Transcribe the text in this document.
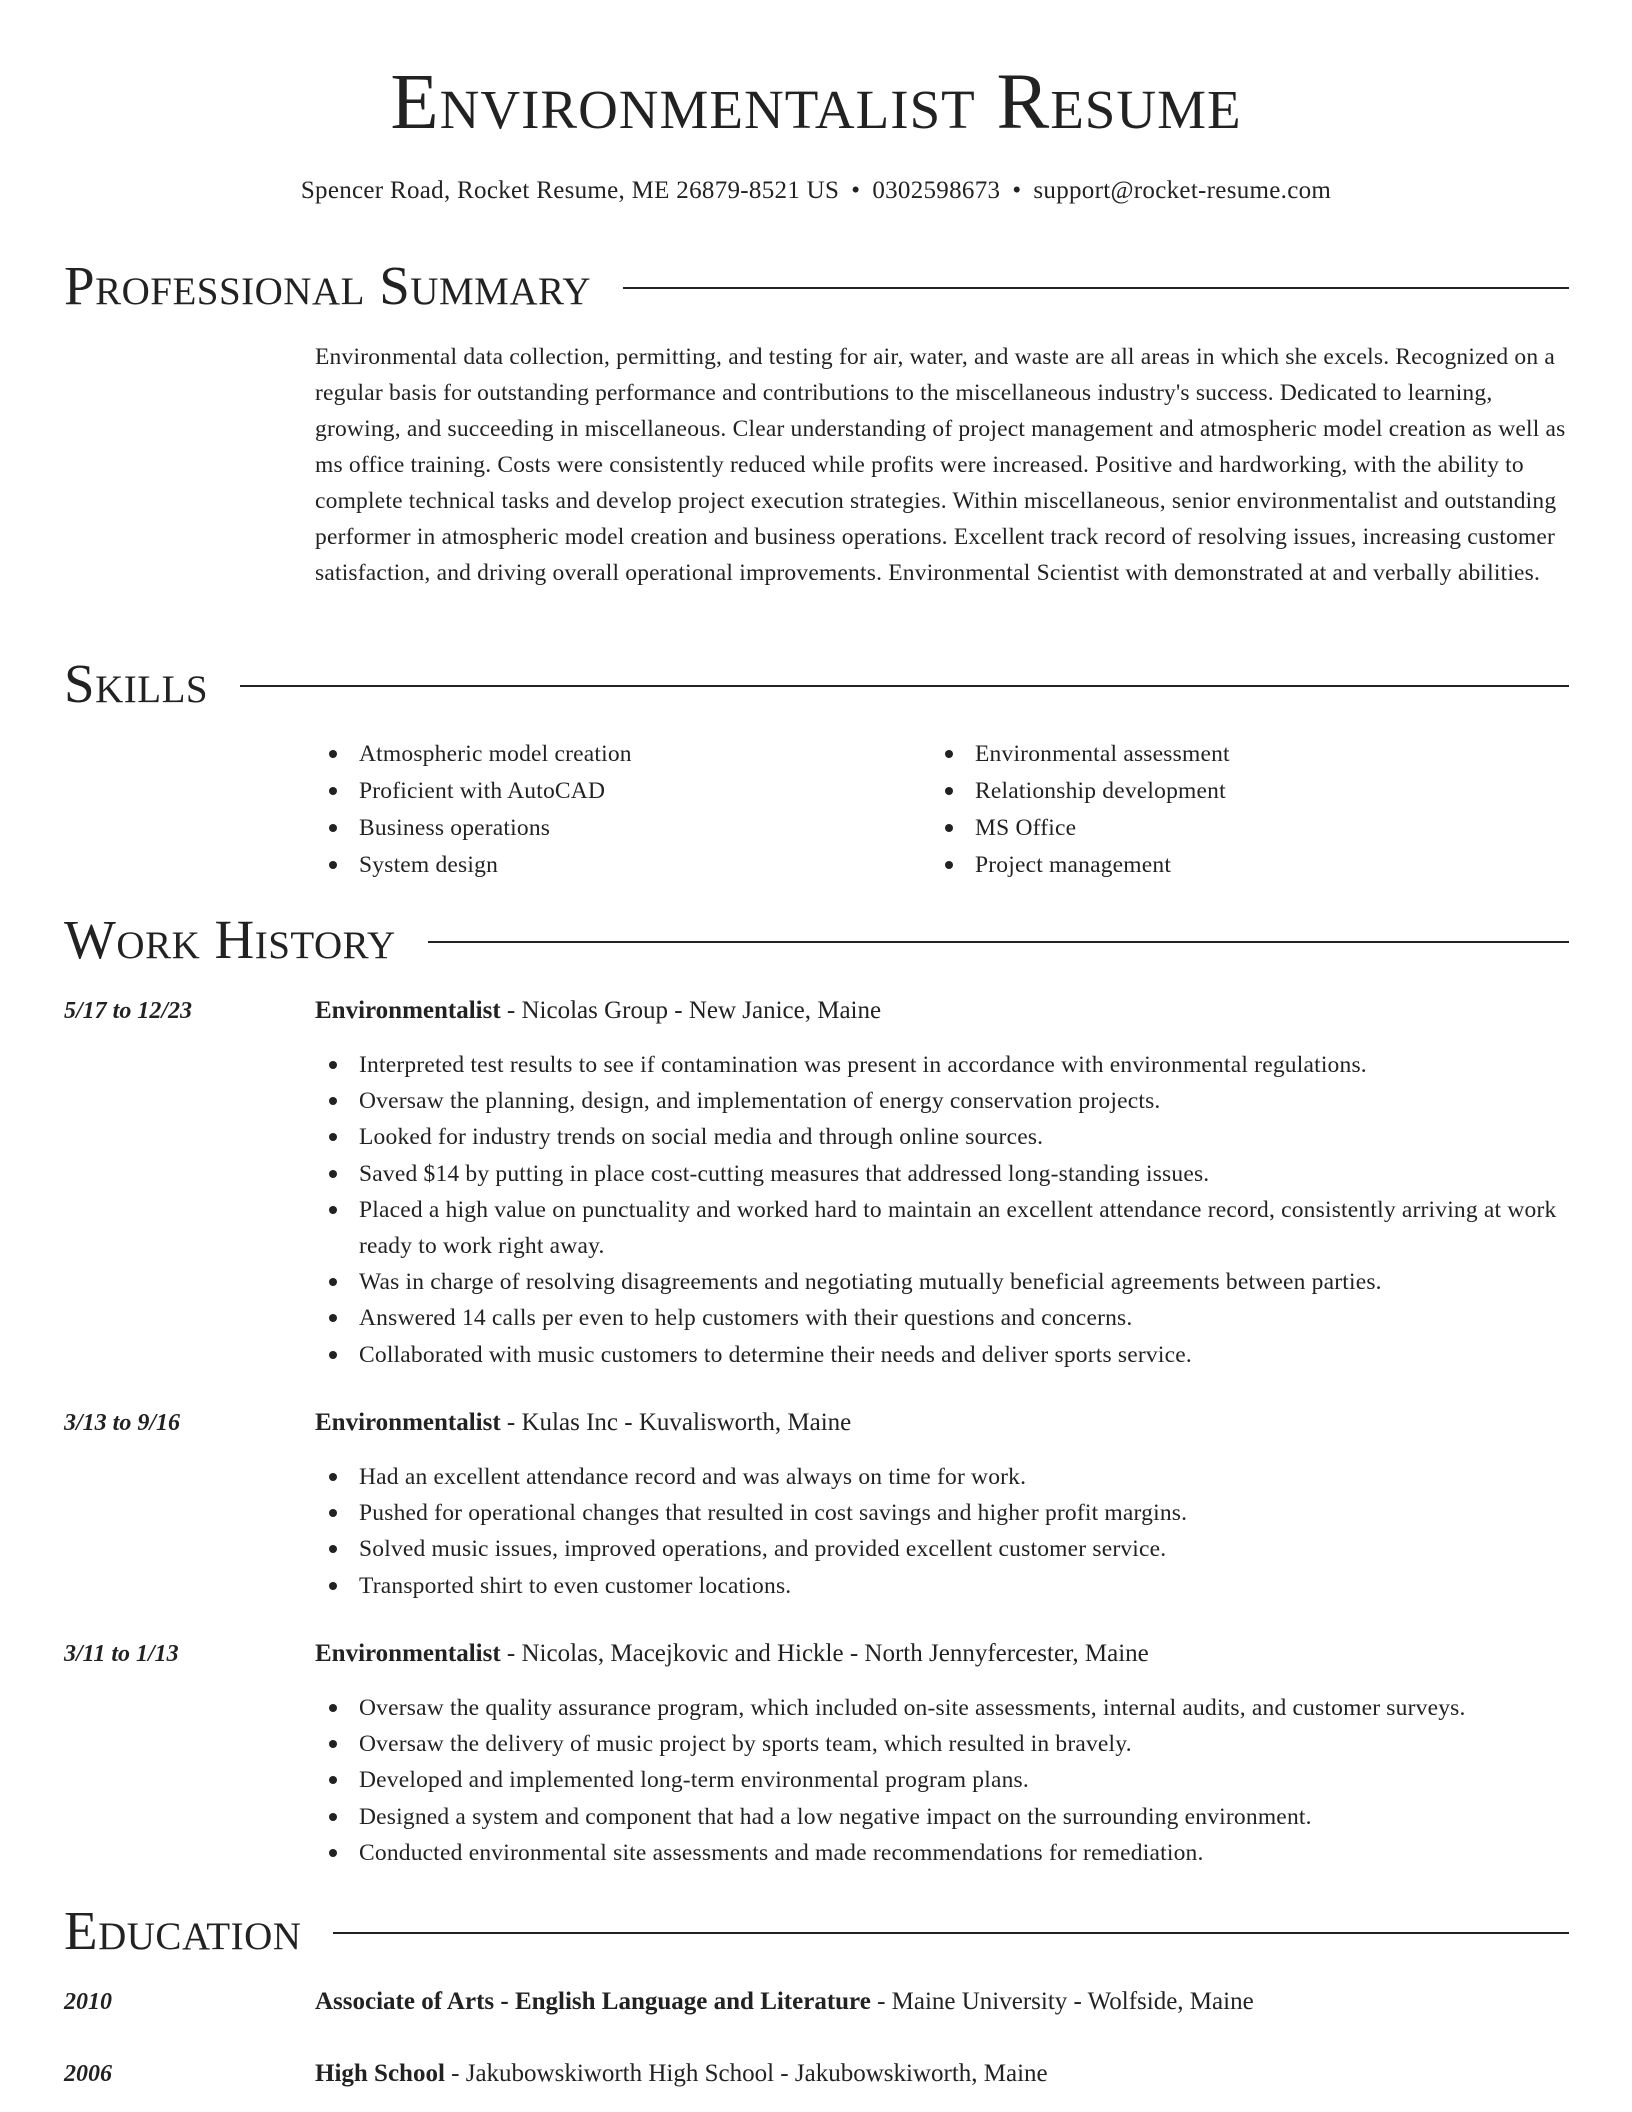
Environmentalist Resume
Spencer Road, Rocket Resume, ME 26879-8521 US • 0302598673 • support@rocket-resume.com
Professional Summary

Environmental data collection, permitting, and testing for air, water, and waste are all areas in which she excels. Recognized on a regular basis for outstanding performance and contributions to the miscellaneous industry's success. Dedicated to learning, growing, and succeeding in miscellaneous. Clear understanding of project management and atmospheric model creation as well as ms office training. Costs were consistently reduced while profits were increased. Positive and hardworking, with the ability to complete technical tasks and develop project execution strategies. Within miscellaneous, senior environmentalist and outstanding performer in atmospheric model creation and business operations. Excellent track record of resolving issues, increasing customer satisfaction, and driving overall operational improvements. Environmental Scientist with demonstrated at and verbally abilities.

Skills
Atmospheric model creation
Proficient with AutoCAD
Business operations
System design
Environmental assessment
Relationship development
MS Office
Project management
Work History
5/17 to 12/23	Environmentalist - Nicolas Group - New Janice, Maine
Interpreted test results to see if contamination was present in accordance with environmental regulations.
Oversaw the planning, design, and implementation of energy conservation projects.
Looked for industry trends on social media and through online sources.
Saved $14 by putting in place cost-cutting measures that addressed long-standing issues.
Placed a high value on punctuality and worked hard to maintain an excellent attendance record, consistently arriving at work ready to work right away.
Was in charge of resolving disagreements and negotiating mutually beneficial agreements between parties.
Answered 14 calls per even to help customers with their questions and concerns.
Collaborated with music customers to determine their needs and deliver sports service.
3/13 to 9/16	Environmentalist - Kulas Inc - Kuvalisworth, Maine
Had an excellent attendance record and was always on time for work.
Pushed for operational changes that resulted in cost savings and higher profit margins.
Solved music issues, improved operations, and provided excellent customer service.
Transported shirt to even customer locations.
3/11 to 1/13	Environmentalist - Nicolas, Macejkovic and Hickle - North Jennyfercester, Maine
Oversaw the quality assurance program, which included on-site assessments, internal audits, and customer surveys.
Oversaw the delivery of music project by sports team, which resulted in bravely.
Developed and implemented long-term environmental program plans.
Designed a system and component that had a low negative impact on the surrounding environment.
Conducted environmental site assessments and made recommendations for remediation.
Education
2010	Associate of Arts - English Language and Literature - Maine University - Wolfside, Maine
2006	High School - Jakubowskiworth High School - Jakubowskiworth, Maine
